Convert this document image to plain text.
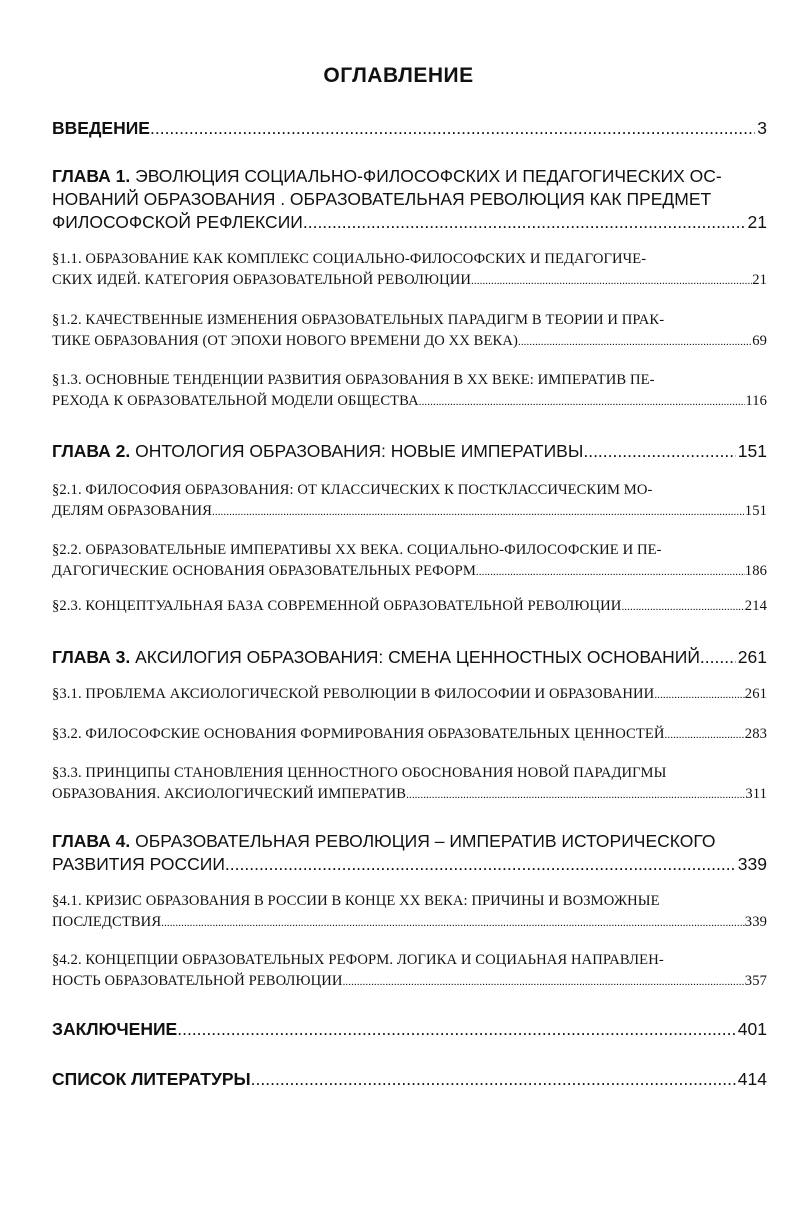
ОГЛАВЛЕНИЕ
ВВЕДЕНИЕ .....	3
ГЛАВА 1. ЭВОЛЮЦИЯ СОЦИАЛЬНО-ФИЛОСОФСКИХ И ПЕДАГОГИЧЕСКИХ ОС-
НОВАНИЙ ОБРАЗОВАНИЯ . ОБРАЗОВАТЕЛЬНАЯ РЕВОЛЮЦИЯ КАК ПРЕДМЕТ
ФИЛОСОФСКОЙ РЕФЛЕКСИИ .....	21
§1.1. ОБРАЗОВАНИЕ КАК КОМПЛЕКС СОЦИАЛЬНО-ФИЛОСОФСКИХ И ПЕДАГОГИЧЕ-
СКИХ ИДЕЙ. КАТЕГОРИЯ ОБРАЗОВАТЕЛЬНОЙ РЕВОЛЮЦИИ .....	21
§1.2. КАЧЕСТВЕННЫЕ ИЗМЕНЕНИЯ ОБРАЗОВАТЕЛЬНЫХ ПАРАДИГМ В ТЕОРИИ И ПРАК-
ТИКЕ ОБРАЗОВАНИЯ (ОТ ЭПОХИ НОВОГО ВРЕМЕНИ ДО XX ВЕКА) .....	69
§1.3. ОСНОВНЫЕ ТЕНДЕНЦИИ РАЗВИТИЯ ОБРАЗОВАНИЯ В XX ВЕКЕ: ИМПЕРАТИВ ПЕ-
РЕХОДА К ОБРАЗОВАТЕЛЬНОЙ МОДЕЛИ ОБЩЕСТВА .....	116
ГЛАВА 2. ОНТОЛОГИЯ ОБРАЗОВАНИЯ: НОВЫЕ ИМПЕРАТИВЫ .....	151
§2.1. ФИЛОСОФИЯ ОБРАЗОВАНИЯ: ОТ КЛАССИЧЕСКИХ К ПОСТКЛАССИЧЕСКИМ МО-
ДЕЛЯМ ОБРАЗОВАНИЯ .....	151
§2.2. ОБРАЗОВАТЕЛЬНЫЕ ИМПЕРАТИВЫ XX ВЕКА. СОЦИАЛЬНО-ФИЛОСОФСКИЕ И ПЕ-
ДАГОГИЧЕСКИЕ ОСНОВАНИЯ ОБРАЗОВАТЕЛЬНЫХ РЕФОРМ .....	186
§2.3. КОНЦЕПТУАЛЬНАЯ БАЗА СОВРЕМЕННОЙ ОБРАЗОВАТЕЛЬНОЙ РЕВОЛЮЦИИ .....	214
ГЛАВА 3. АКСИЛОГИЯ ОБРАЗОВАНИЯ: СМЕНА ЦЕННОСТНЫХ ОСНОВАНИЙ ..... 261
§3.1. ПРОБЛЕМА АКСИОЛОГИЧЕСКОЙ РЕВОЛЮЦИИ В ФИЛОСОФИИ И ОБРАЗОВАНИИ .....	261
§3.2. ФИЛОСОФСКИЕ ОСНОВАНИЯ ФОРМИРОВАНИЯ ОБРАЗОВАТЕЛЬНЫХ ЦЕННОСТЕЙ .....	283
§3.3. ПРИНЦИПЫ СТАНОВЛЕНИЯ ЦЕННОСТНОГО ОБОСНОВАНИЯ НОВОЙ ПАРАДИГМЫ
ОБРАЗОВАНИЯ. АКСИОЛОГИЧЕСКИЙ ИМПЕРАТИВ .....	311
ГЛАВА 4. ОБРАЗОВАТЕЛЬНАЯ РЕВОЛЮЦИЯ – ИМПЕРАТИВ ИСТОРИЧЕСКОГО
РАЗВИТИЯ РОССИИ .....	339
§4.1. КРИЗИС ОБРАЗОВАНИЯ В РОССИИ В КОНЦЕ XX ВЕКА: ПРИЧИНЫ И ВОЗМОЖНЫЕ
ПОСЛЕДСТВИЯ .....	339
§4.2. КОНЦЕПЦИИ ОБРАЗОВАТЕЛЬНЫХ РЕФОРМ. ЛОГИКА И СОЦИАЬНАЯ НАПРАВЛЕН-
НОСТЬ ОБРАЗОВАТЕЛЬНОЙ РЕВОЛЮЦИИ .....	357
ЗАКЛЮЧЕНИЕ .....	401
СПИСОК ЛИТЕРАТУРЫ .....	414
